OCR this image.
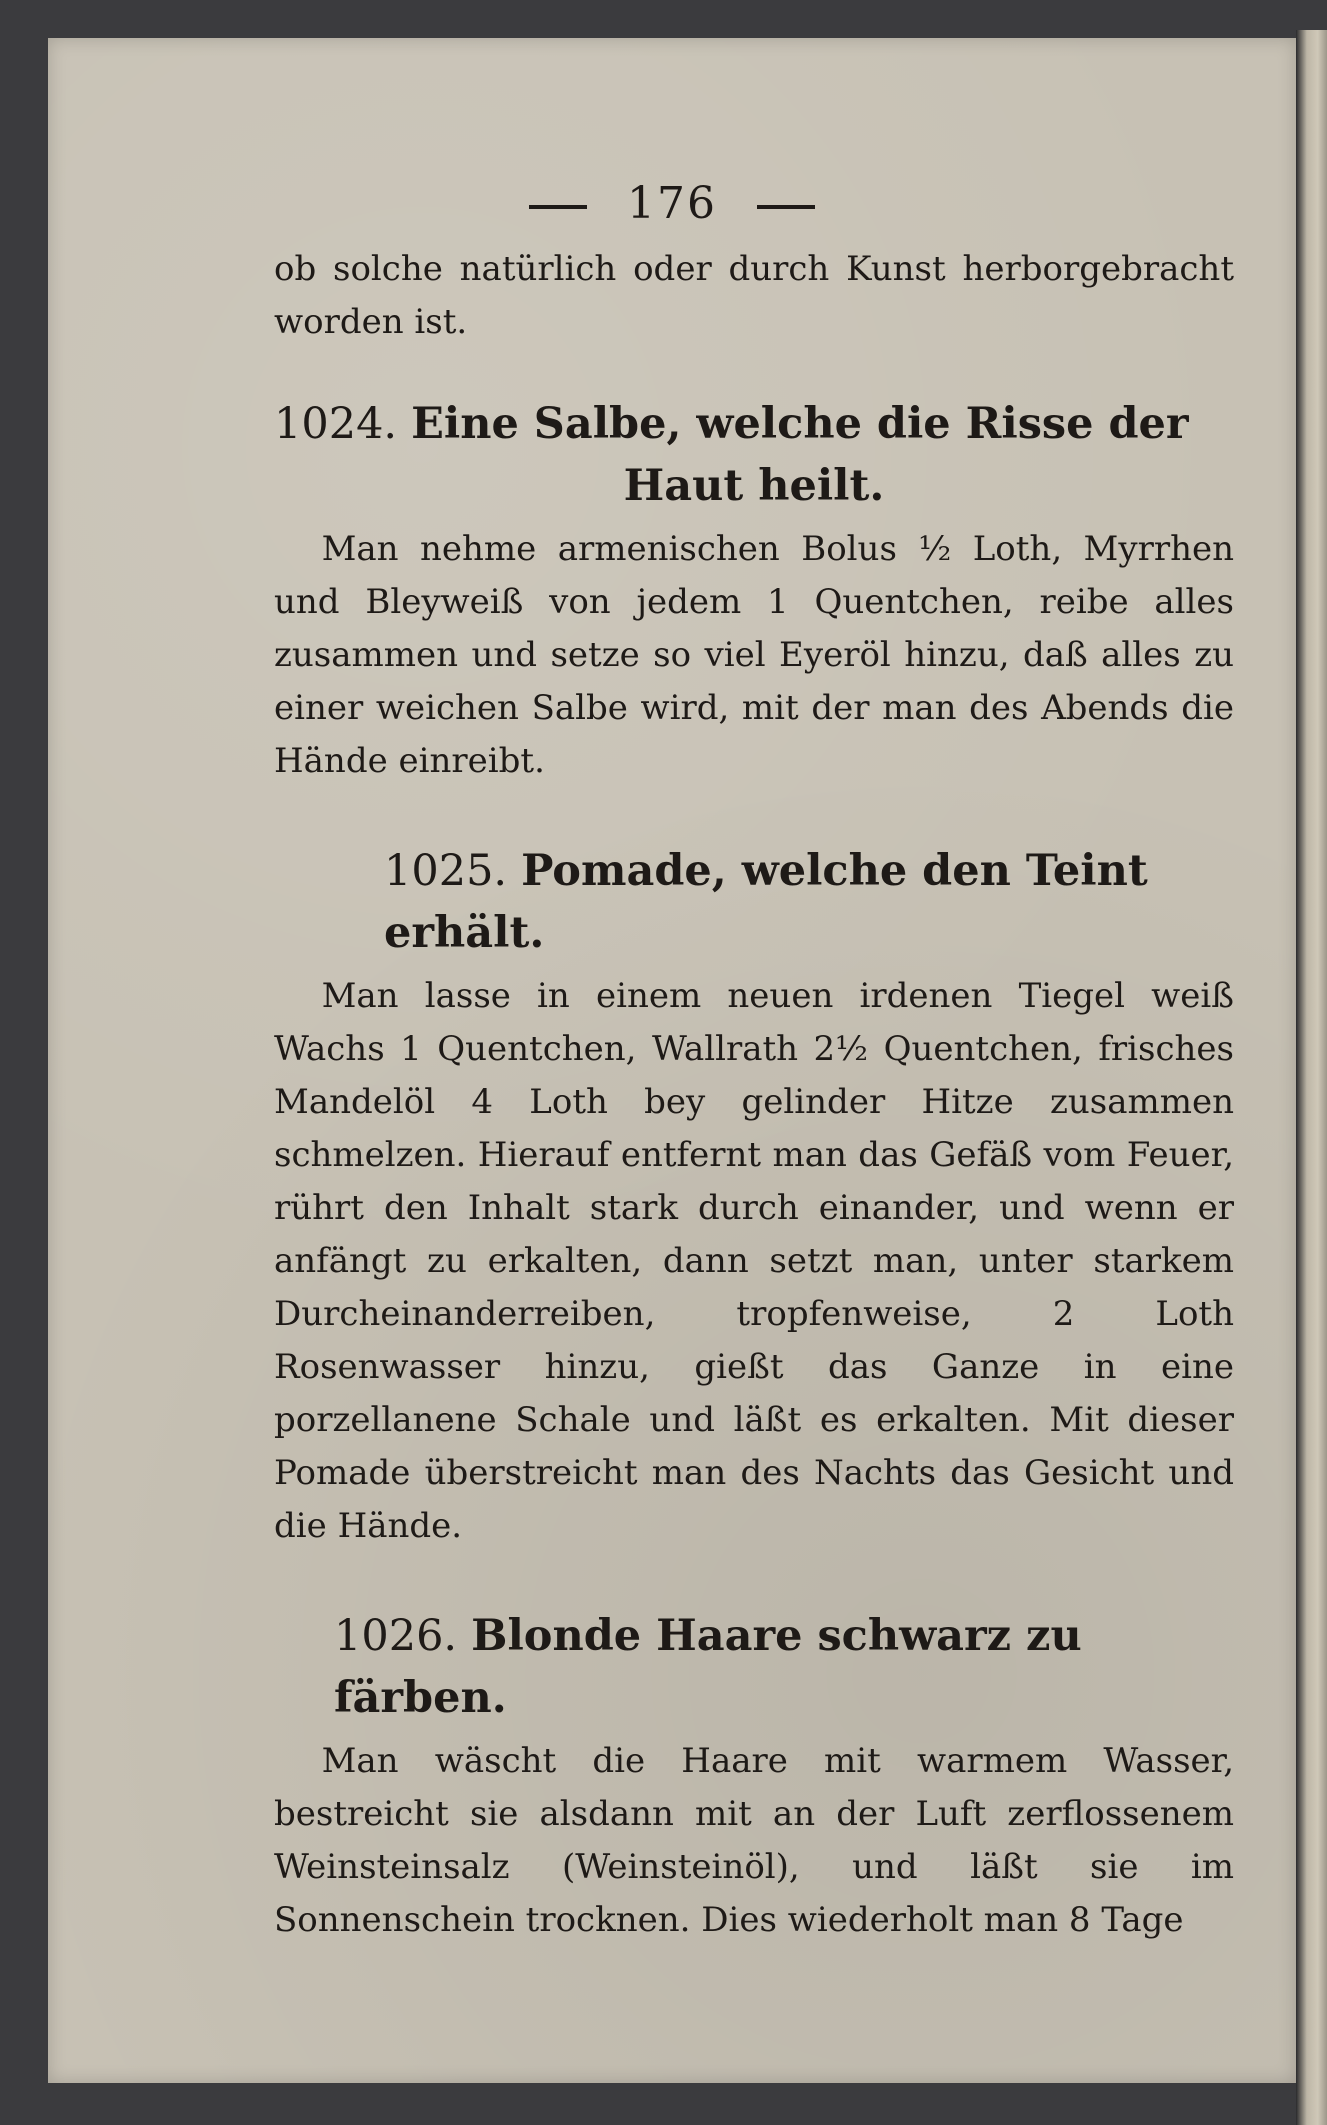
176

ob solche natürlich oder durch Kunst herborgebracht worden ist.

1024. Eine Salbe, welche die Risse der
Haut heilt.

Man nehme armenischen Bolus ½ Loth, Myrrhen und Bleyweiß von jedem 1 Quentchen, reibe alles zusammen und setze so viel Eyeröl hinzu, daß alles zu einer weichen Salbe wird, mit der man des Abends die Hände einreibt.

1025. Pomade, welche den Teint erhält.

Man lasse in einem neuen irdenen Tiegel weiß Wachs 1 Quentchen, Wallrath 2½ Quentchen, frisches Mandelöl 4 Loth bey gelinder Hitze zusammen schmelzen. Hierauf entfernt man das Gefäß vom Feuer, rührt den Inhalt stark durch einander, und wenn er anfängt zu erkalten, dann setzt man, unter starkem Durcheinanderreiben, tropfenweise, 2 Loth Rosenwasser hinzu, gießt das Ganze in eine porzellanene Schale und läßt es erkalten. Mit dieser Pomade überstreicht man des Nachts das Gesicht und die Hände.

1026. Blonde Haare schwarz zu färben.

Man wäscht die Haare mit warmem Wasser, bestreicht sie alsdann mit an der Luft zerflossenem Weinsteinsalz (Weinsteinöl), und läßt sie im Sonnenschein trocknen. Dies wiederholt man 8 Tage
